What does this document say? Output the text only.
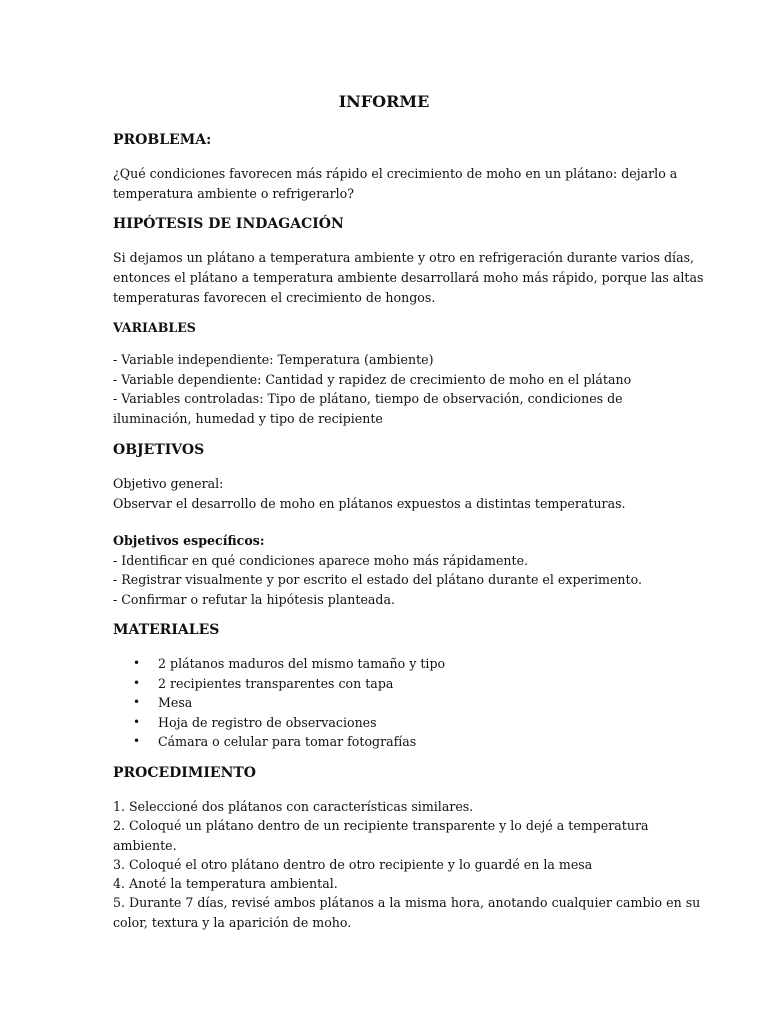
INFORME
PROBLEMA:
¿Qué condiciones favorecen más rápido el crecimiento de moho en un plátano: dejarlo a
temperatura ambiente o refrigerarlo?
HIPÓTESIS DE INDAGACIÓN
Si dejamos un plátano a temperatura ambiente y otro en refrigeración durante varios días,
entonces el plátano a temperatura ambiente desarrollará moho más rápido, porque las altas
temperaturas favorecen el crecimiento de hongos.
VARIABLES
- Variable independiente: Temperatura (ambiente)
- Variable dependiente: Cantidad y rapidez de crecimiento de moho en el plátano
- Variables controladas: Tipo de plátano, tiempo de observación, condiciones de
iluminación, humedad y tipo de recipiente
OBJETIVOS
Objetivo general:
Observar el desarrollo de moho en plátanos expuestos a distintas temperaturas.
Objetivos específicos:
- Identificar en qué condiciones aparece moho más rápidamente.
- Registrar visualmente y por escrito el estado del plátano durante el experimento.
- Confirmar o refutar la hipótesis planteada.
MATERIALES
• 2 plátanos maduros del mismo tamaño y tipo
• 2 recipientes transparentes con tapa
• Mesa
• Hoja de registro de observaciones
• Cámara o celular para tomar fotografías
PROCEDIMIENTO
1. Seleccioné dos plátanos con características similares.
2. Coloqué un plátano dentro de un recipiente transparente y lo dejé a temperatura
ambiente.
3. Coloqué el otro plátano dentro de otro recipiente y lo guardé en la mesa
4. Anoté la temperatura ambiental.
5. Durante 7 días, revisé ambos plátanos a la misma hora, anotando cualquier cambio en su
color, textura y la aparición de moho.
